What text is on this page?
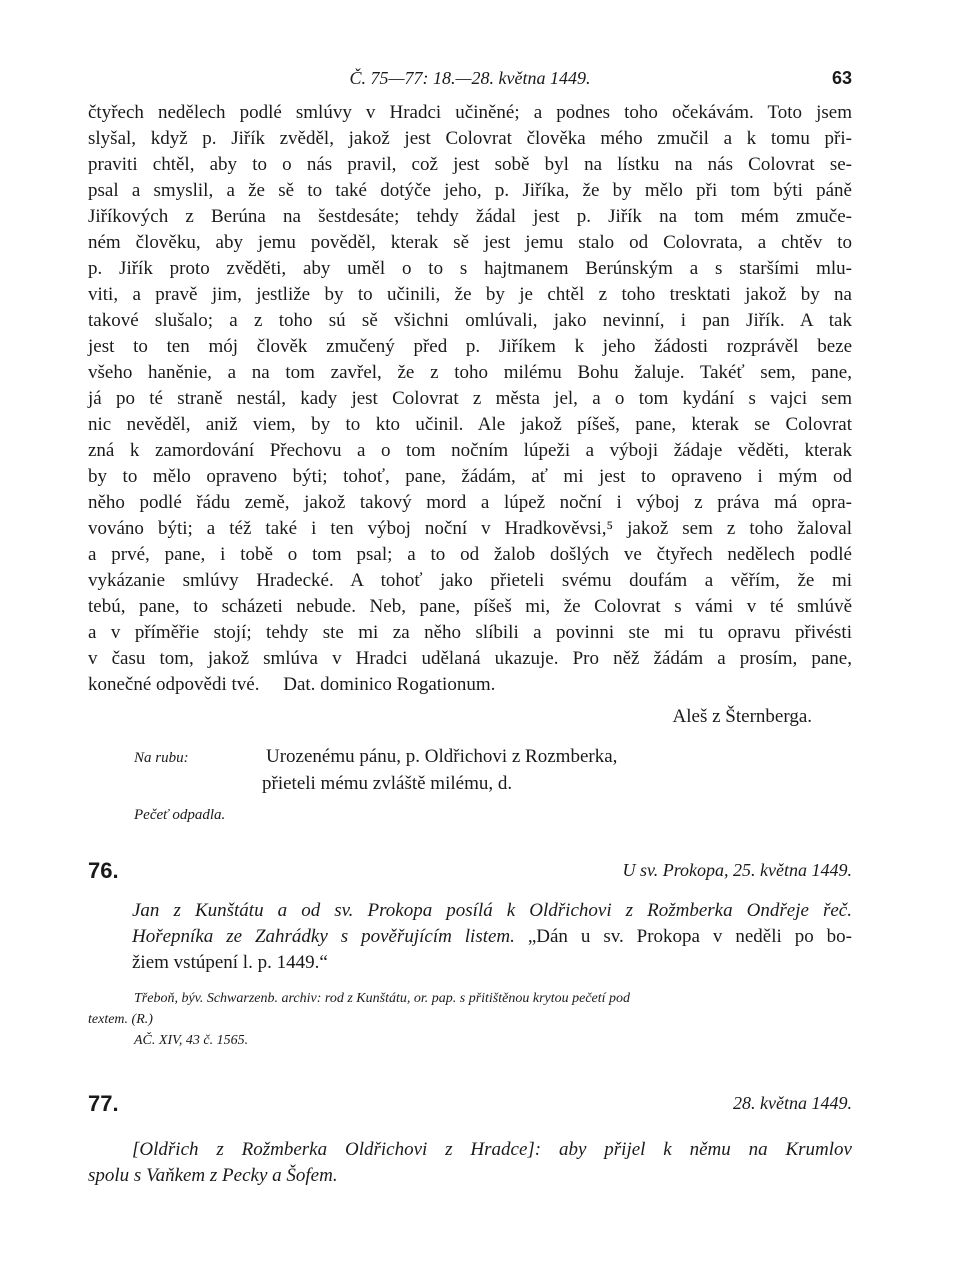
Č. 75—77: 18.—28. května 1449.	63
čtyřech nedělech podlé smlúvy v Hradci učiněné; a podnes toho očekávám. Toto jsem
slyšal, když p. Jiřík zvěděl, jakož jest Colovrat člověka mého zmučil a k tomu při-
praviti chtěl, aby to o nás pravil, což jest sobě byl na lístku na nás Colovrat se-
psal a smyslil, a že sě to také dotýče jeho, p. Jiříka, že by mělo při tom býti páně
Jiříkových z Berúna na šestdesáte; tehdy žádal jest p. Jiřík na tom mém zmuče-
ném člověku, aby jemu pověděl, kterak sě jest jemu stalo od Colovrata, a chtěv to
p. Jiřík proto zvěděti, aby uměl o to s hajtmanem Berúnským a s staršími mlu-
viti, a pravě jim, jestliže by to učinili, že by je chtěl z toho tresktati jakož by na
takové slušalo; a z toho sú sě všichni omlúvali, jako nevinní, i pan Jiřík. A tak
jest to ten mój člověk zmučený před p. Jiříkem k jeho žádosti rozprávěl beze
všeho haněnie, a na tom zavřel, že z toho milému Bohu žaluje. Takéť sem, pane,
já po té straně nestál, kady jest Colovrat z města jel, a o tom kydání s vajci sem
nic nevěděl, aniž viem, by to kto učinil. Ale jakož píšeš, pane, kterak se Colovrat
zná k zamordování Přechovu a o tom nočním lúpeži a výboji žádaje věděti, kterak
by to mělo opraveno býti; tohoť, pane, žádám, ať mi jest to opraveno i mým od
něho podlé řádu země, jakož takový mord a lúpež noční i výboj z práva má opra-
vováno býti; a též také i ten výboj noční v Hradkověvsi,⁵ jakož sem z toho žaloval
a prvé, pane, i tobě o tom psal; a to od žalob došlých ve čtyřech nedělech podlé
vykázanie smlúvy Hradecké. A tohoť jako přieteli svému doufám a věřím, že mi
tebú, pane, to scházeti nebude. Neb, pane, píšeš mi, že Colovrat s vámi v té smlúvě
a v příměřie stojí; tehdy ste mi za něho slíbili a povinni ste mi tu opravu přivésti
v času tom, jakož smlúva v Hradci udělaná ukazuje. Pro něž žádám a prosím, pane,
konečné odpovědi tvé.     Dat. dominico Rogationum.
Aleš z Šternberga.
Na rubu:	Urozenému pánu, p. Oldřichovi z Rozmberka,
přieteli mému zvláště milému, d.
Pečeť odpadla.
76.	U sv. Prokopa, 25. května 1449.
Jan z Kunštátu a od sv. Prokopa posílá k Oldřichovi z Rožmberka Ondřeje řeč.
Hořepníka ze Zahrádky s pověřujícím listem. „Dán u sv. Prokopa v neděli po bo-
žiem vstúpení l. p. 1449.“
Třeboň, býv. Schwarzenb. archiv: rod z Kunštátu, or. pap. s přitištěnou krytou pečetí pod
textem. (R.)
AČ. XIV, 43 č. 1565.
77.	28. května 1449.
[Oldřich z Rožmberka Oldřichovi z Hradce]: aby přijel k němu na Krumlov
spolu s Vaňkem z Pecky a Šofem.
